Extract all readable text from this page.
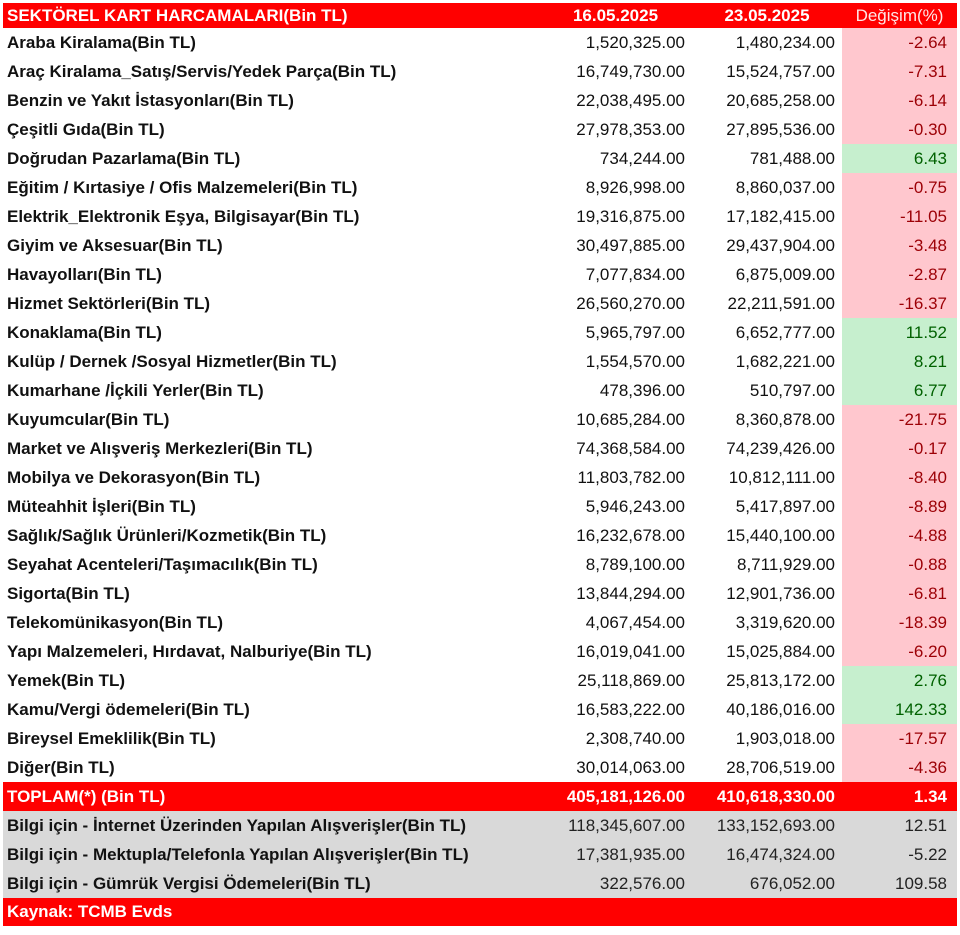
SEKTÖREL KART HARCAMALARI(Bin TL)	16.05.2025	23.05.2025	Değişim(%)
Araba Kiralama(Bin TL)	1,520,325.00	1,480,234.00	-2.64
Araç Kiralama_Satış/Servis/Yedek Parça(Bin TL)	16,749,730.00	15,524,757.00	-7.31
Benzin ve Yakıt İstasyonları(Bin TL)	22,038,495.00	20,685,258.00	-6.14
Çeşitli Gıda(Bin TL)	27,978,353.00	27,895,536.00	-0.30
Doğrudan Pazarlama(Bin TL)	734,244.00	781,488.00	6.43
Eğitim / Kırtasiye / Ofis Malzemeleri(Bin TL)	8,926,998.00	8,860,037.00	-0.75
Elektrik_Elektronik Eşya, Bilgisayar(Bin TL)	19,316,875.00	17,182,415.00	-11.05
Giyim ve Aksesuar(Bin TL)	30,497,885.00	29,437,904.00	-3.48
Havayolları(Bin TL)	7,077,834.00	6,875,009.00	-2.87
Hizmet Sektörleri(Bin TL)	26,560,270.00	22,211,591.00	-16.37
Konaklama(Bin TL)	5,965,797.00	6,652,777.00	11.52
Kulüp / Dernek /Sosyal Hizmetler(Bin TL)	1,554,570.00	1,682,221.00	8.21
Kumarhane /İçkili Yerler(Bin TL)	478,396.00	510,797.00	6.77
Kuyumcular(Bin TL)	10,685,284.00	8,360,878.00	-21.75
Market ve Alışveriş Merkezleri(Bin TL)	74,368,584.00	74,239,426.00	-0.17
Mobilya ve Dekorasyon(Bin TL)	11,803,782.00	10,812,111.00	-8.40
Müteahhit İşleri(Bin TL)	5,946,243.00	5,417,897.00	-8.89
Sağlık/Sağlık Ürünleri/Kozmetik(Bin TL)	16,232,678.00	15,440,100.00	-4.88
Seyahat Acenteleri/Taşımacılık(Bin TL)	8,789,100.00	8,711,929.00	-0.88
Sigorta(Bin TL)	13,844,294.00	12,901,736.00	-6.81
Telekomünikasyon(Bin TL)	4,067,454.00	3,319,620.00	-18.39
Yapı Malzemeleri, Hırdavat, Nalburiye(Bin TL)	16,019,041.00	15,025,884.00	-6.20
Yemek(Bin TL)	25,118,869.00	25,813,172.00	2.76
Kamu/Vergi ödemeleri(Bin TL)	16,583,222.00	40,186,016.00	142.33
Bireysel Emeklilik(Bin TL)	2,308,740.00	1,903,018.00	-17.57
Diğer(Bin TL)	30,014,063.00	28,706,519.00	-4.36
TOPLAM(*) (Bin TL)	405,181,126.00	410,618,330.00	1.34
Bilgi için - İnternet Üzerinden Yapılan Alışverişler(Bin TL)	118,345,607.00	133,152,693.00	12.51
Bilgi için - Mektupla/Telefonla Yapılan Alışverişler(Bin TL)	17,381,935.00	16,474,324.00	-5.22
Bilgi için - Gümrük Vergisi Ödemeleri(Bin TL)	322,576.00	676,052.00	109.58
Kaynak: TCMB Evds			
